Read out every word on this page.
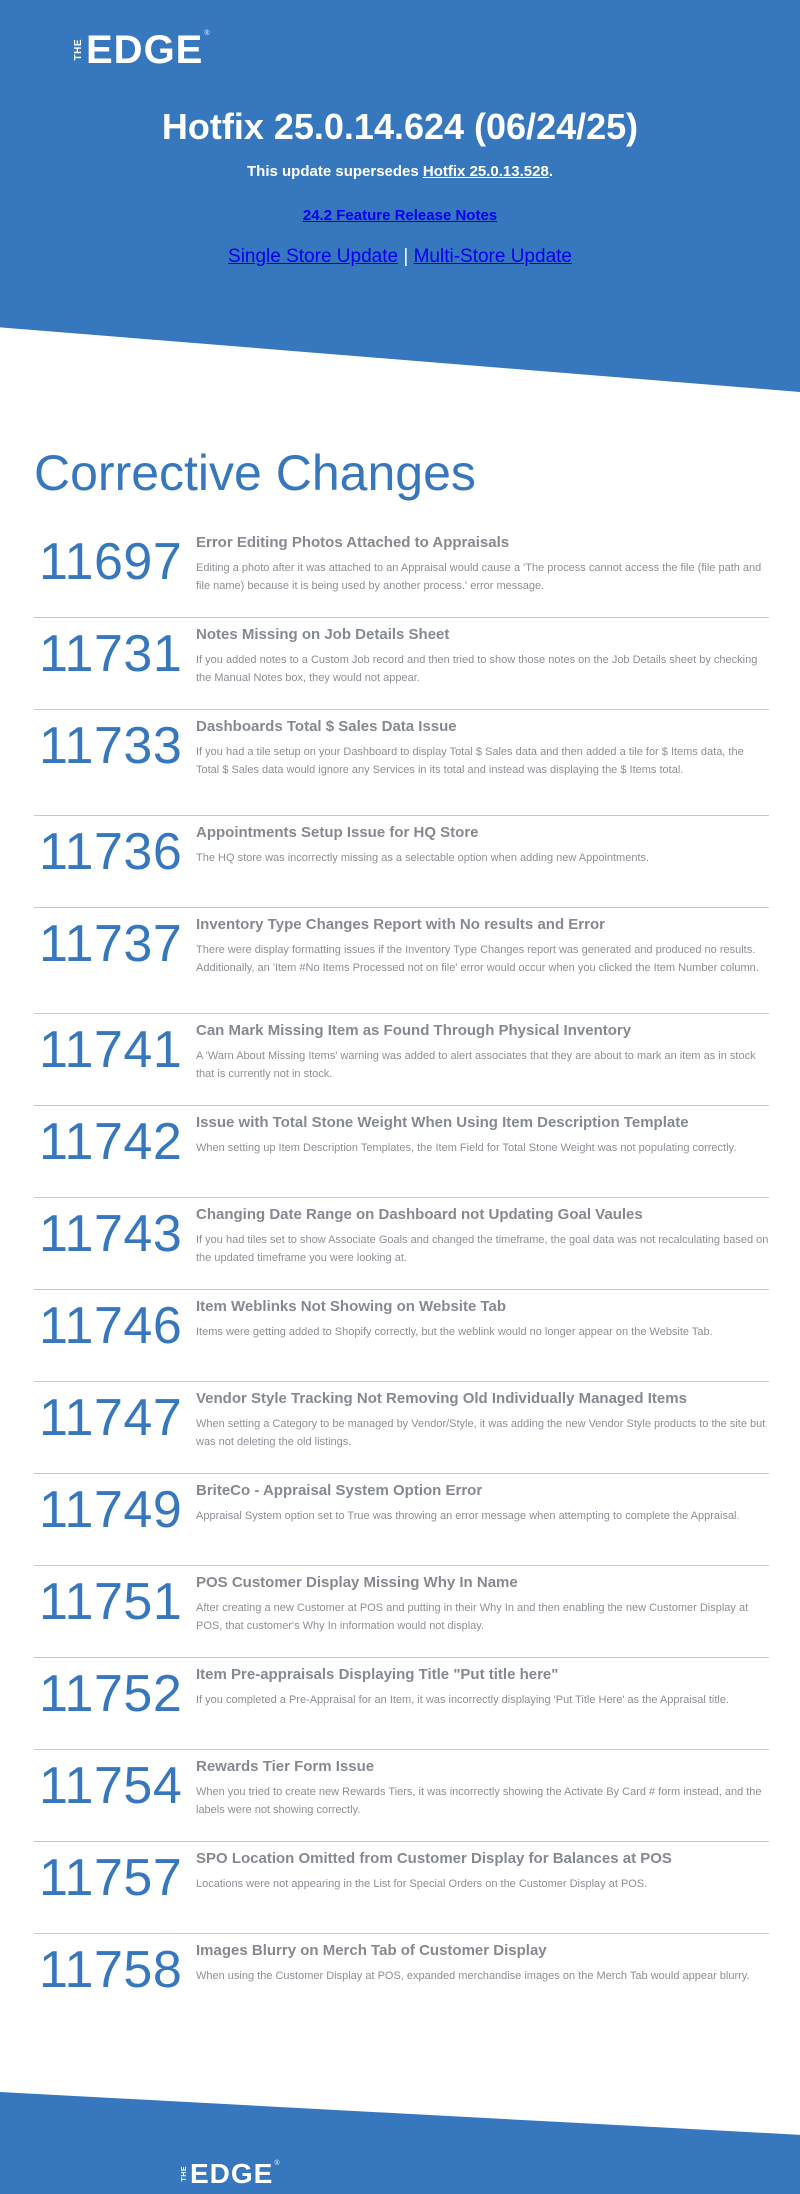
THE EDGE ®
Hotfix 25.0.14.624 (06/24/25)

This update supersedes Hotfix 25.0.13.528.

24.2 Feature Release Notes

Single Store Update | Multi-Store Update

Corrective Changes
11697 Error Editing Photos Attached to Appraisals
Editing a photo after it was attached to an Appraisal would cause a 'The process cannot access the file (file path and file name) because it is being used by another process.' error message.
11731 Notes Missing on Job Details Sheet
If you added notes to a Custom Job record and then tried to show those notes on the Job Details sheet by checking the Manual Notes box, they would not appear.
11733 Dashboards Total $ Sales Data Issue
If you had a tile setup on your Dashboard to display Total $ Sales data and then added a tile for $ Items data, the Total $ Sales data would ignore any Services in its total and instead was displaying the $ Items total.
11736 Appointments Setup Issue for HQ Store
The HQ store was incorrectly missing as a selectable option when adding new Appointments.
11737 Inventory Type Changes Report with No results and Error
There were display formatting issues if the Inventory Type Changes report was generated and produced no results. Additionally, an 'Item #No Items Processed not on file' error would occur when you clicked the Item Number column.
11741 Can Mark Missing Item as Found Through Physical Inventory
A 'Warn About Missing Items' warning was added to alert associates that they are about to mark an item as in stock that is currently not in stock.
11742 Issue with Total Stone Weight When Using Item Description Template
When setting up Item Description Templates, the Item Field for Total Stone Weight was not populating correctly.
11743 Changing Date Range on Dashboard not Updating Goal Vaules
If you had tiles set to show Associate Goals and changed the timeframe, the goal data was not recalculating based on the updated timeframe you were looking at.
11746 Item Weblinks Not Showing on Website Tab
Items were getting added to Shopify correctly, but the weblink would no longer appear on the Website Tab.
11747 Vendor Style Tracking Not Removing Old Individually Managed Items
When setting a Category to be managed by Vendor/Style, it was adding the new Vendor Style products to the site but was not deleting the old listings.
11749 BriteCo - Appraisal System Option Error
Appraisal System option set to True was throwing an error message when attempting to complete the Appraisal.
11751 POS Customer Display Missing Why In Name
After creating a new Customer at POS and putting in their Why In and then enabling the new Customer Display at POS, that customer's Why In information would not display.
11752 Item Pre-appraisals Displaying Title "Put title here"
If you completed a Pre-Appraisal for an Item, it was incorrectly displaying 'Put Title Here' as the Appraisal title.
11754 Rewards Tier Form Issue
When you tried to create new Rewards Tiers, it was incorrectly showing the Activate By Card # form instead, and the labels were not showing correctly.
11757 SPO Location Omitted from Customer Display for Balances at POS
Locations were not appearing in the List for Special Orders on the Customer Display at POS.
11758 Images Blurry on Merch Tab of Customer Display
When using the Customer Display at POS, expanded merchandise images on the Merch Tab would appear blurry.
THE EDGE ®
